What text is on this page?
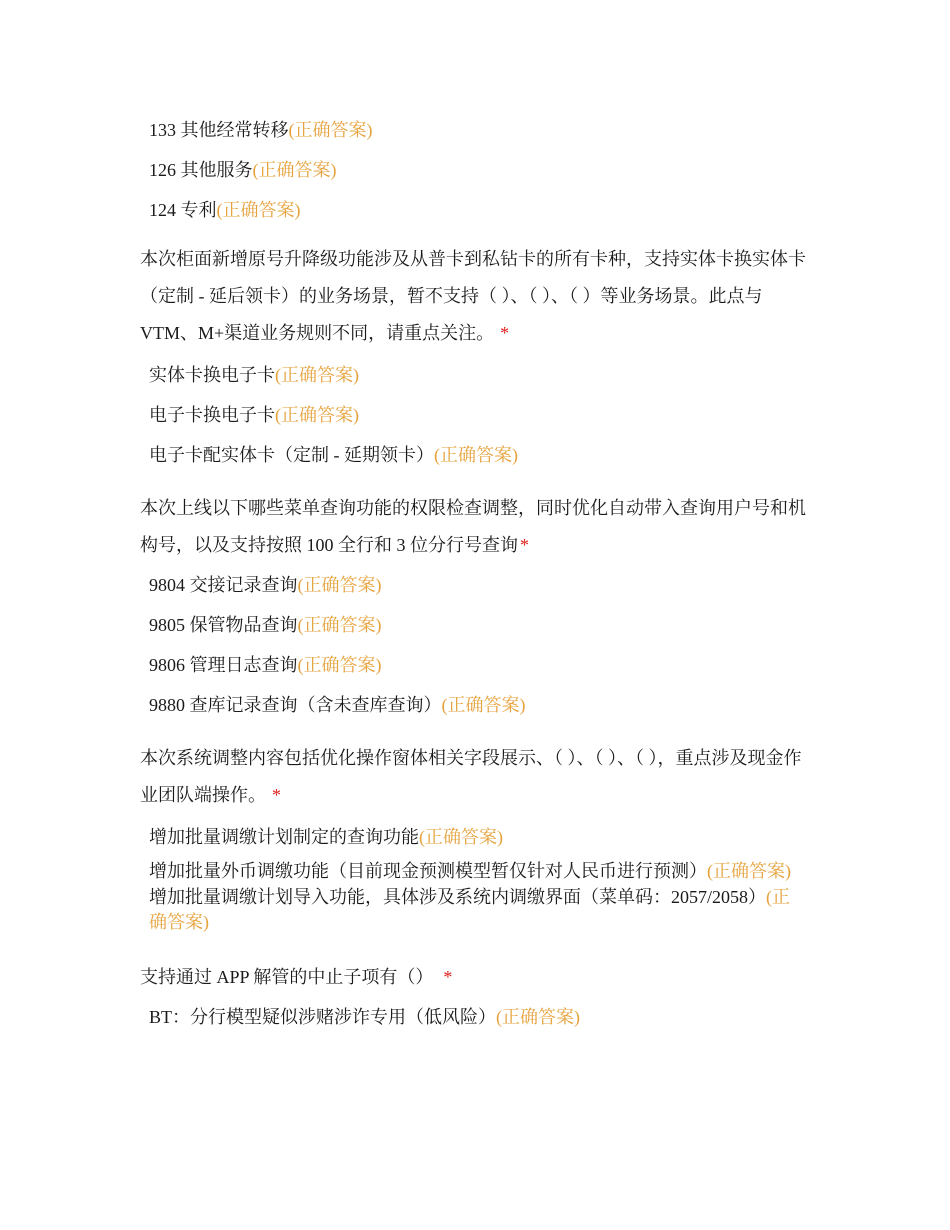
133 其他经常转移(正确答案)
126 其他服务(正确答案)
124 专利(正确答案)
本次柜面新增原号升降级功能涉及从普卡到私钻卡的所有卡种，支持实体卡换实体卡（定制 - 延后领卡）的业务场景，暂不支持（ ）、（ ）、（ ）等业务场景。此点与 VTM、M+渠道业务规则不同，请重点关注。 *
实体卡换电子卡(正确答案)
电子卡换电子卡(正确答案)
电子卡配实体卡（定制 - 延期领卡）(正确答案)
本次上线以下哪些菜单查询功能的权限检查调整，同时优化自动带入查询用户号和机构号，以及支持按照 100 全行和 3 位分行号查询 *
9804 交接记录查询(正确答案)
9805 保管物品查询(正确答案)
9806 管理日志查询(正确答案)
9880 查库记录查询（含未查库查询）(正确答案)
本次系统调整内容包括优化操作窗体相关字段展示、（ ）、（ ）、（ ），重点涉及现金作业团队端操作。 *
增加批量调缴计划制定的查询功能(正确答案)
增加批量外币调缴功能（目前现金预测模型暂仅针对人民币进行预测）(正确答案)
增加批量调缴计划导入功能，具体涉及系统内调缴界面（菜单码：2057/2058）(正确答案)
支持通过 APP 解管的中止子项有（） *
BT：分行模型疑似涉赌涉诈专用（低风险）(正确答案)
